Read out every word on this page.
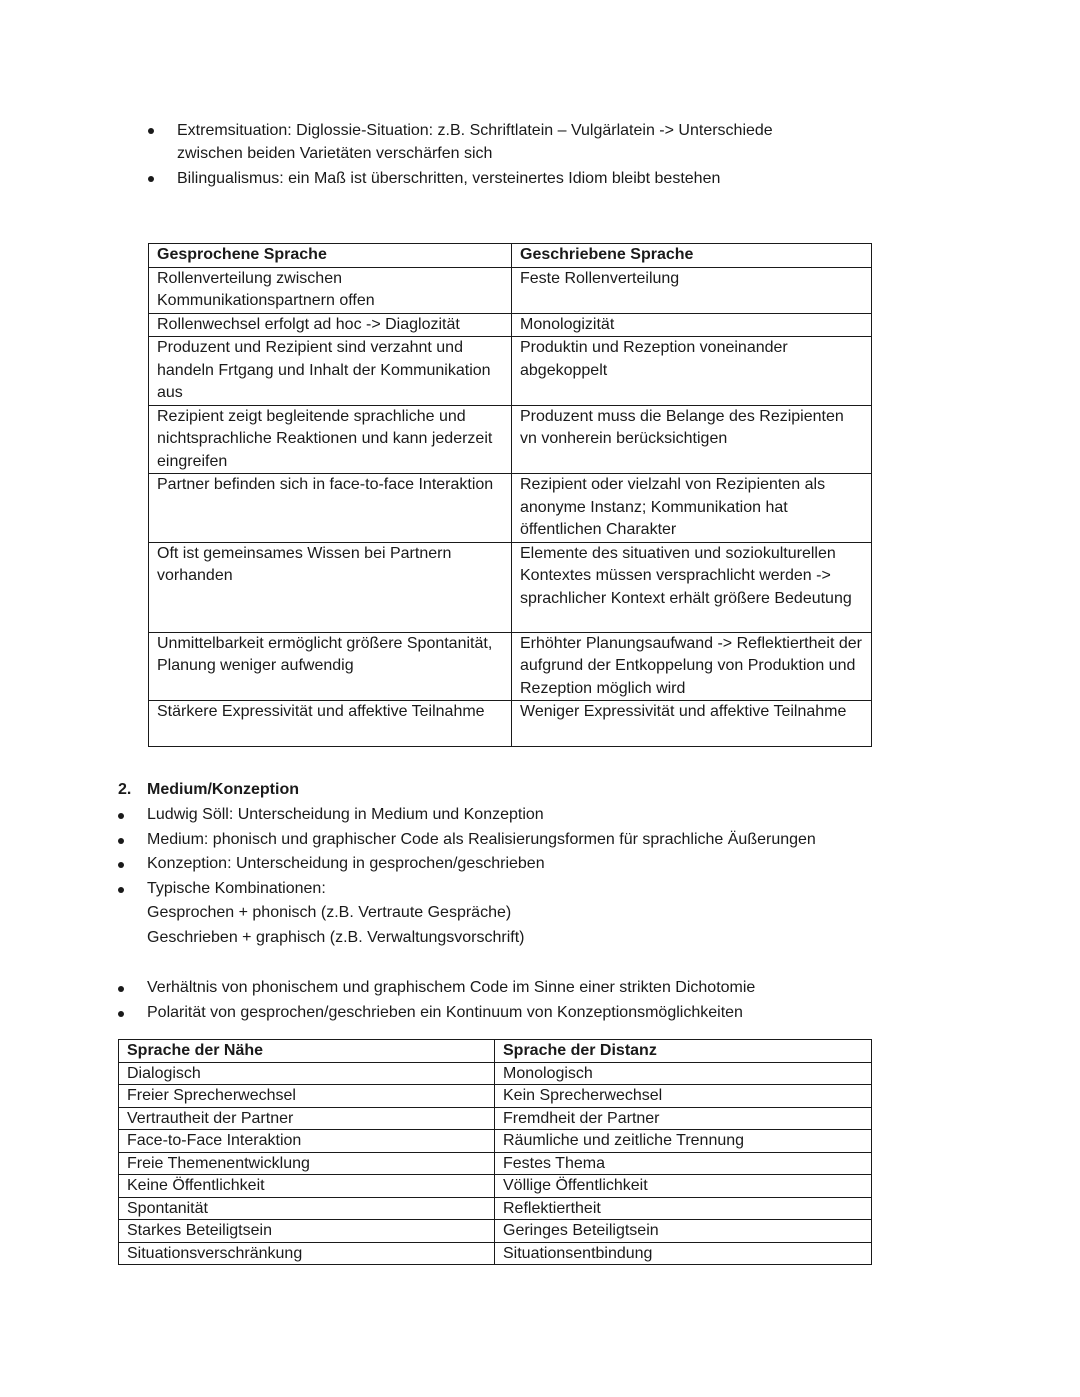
Extremsituation: Diglossie-Situation: z.B. Schriftlatein – Vulgärlatein -> Unterschiede
zwischen beiden Varietäten verschärfen sich
Bilingualismus: ein Maß ist überschritten, versteinertes Idiom bleibt bestehen
Gesprochene Sprache	Geschriebene Sprache
Rollenverteilung zwischen Kommunikationspartnern offen	Feste Rollenverteilung
Rollenwechsel erfolgt ad hoc -> Diaglozität	Monologizität
Produzent und Rezipient sind verzahnt und handeln Frtgang und Inhalt der Kommunikation aus	Produktin und Rezeption voneinander abgekoppelt
Rezipient zeigt begleitende sprachliche und nichtsprachliche Reaktionen und kann jederzeit eingreifen	Produzent muss die Belange des Rezipienten vn vonherein berücksichtigen
Partner befinden sich in face-to-face Interaktion	Rezipient oder vielzahl von Rezipienten als anonyme Instanz; Kommunikation hat öffentlichen Charakter
Oft ist gemeinsames Wissen bei Partnern vorhanden	Elemente des situativen und soziokulturellen Kontextes müssen versprachlicht werden -> sprachlicher Kontext erhält größere Bedeutung
Unmittelbarkeit ermöglicht größere Spontanität, Planung weniger aufwendig	Erhöhter Planungsaufwand -> Reflektiertheit der aufgrund der Entkoppelung von Produktion und Rezeption möglich wird
Stärkere Expressivität und affektive Teilnahme	Weniger Expressivität und affektive Teilnahme
2. Medium/Konzeption
Ludwig Söll: Unterscheidung in Medium und Konzeption
Medium: phonisch und graphischer Code als Realisierungsformen für sprachliche Äußerungen
Konzeption: Unterscheidung in gesprochen/geschrieben
Typische Kombinationen:
Gesprochen + phonisch (z.B. Vertraute Gespräche)
Geschrieben + graphisch (z.B. Verwaltungsvorschrift)
Verhältnis von phonischem und graphischem Code im Sinne einer strikten Dichotomie
Polarität von gesprochen/geschrieben ein Kontinuum von Konzeptionsmöglichkeiten
Sprache der Nähe	Sprache der Distanz
Dialogisch	Monologisch
Freier Sprecherwechsel	Kein Sprecherwechsel
Vertrautheit der Partner	Fremdheit der Partner
Face-to-Face Interaktion	Räumliche und zeitliche Trennung
Freie Themenentwicklung	Festes Thema
Keine Öffentlichkeit	Völlige Öffentlichkeit
Spontanität	Reflektiertheit
Starkes Beteiligtsein	Geringes Beteiligtsein
Situationsverschränkung	Situationsentbindung
